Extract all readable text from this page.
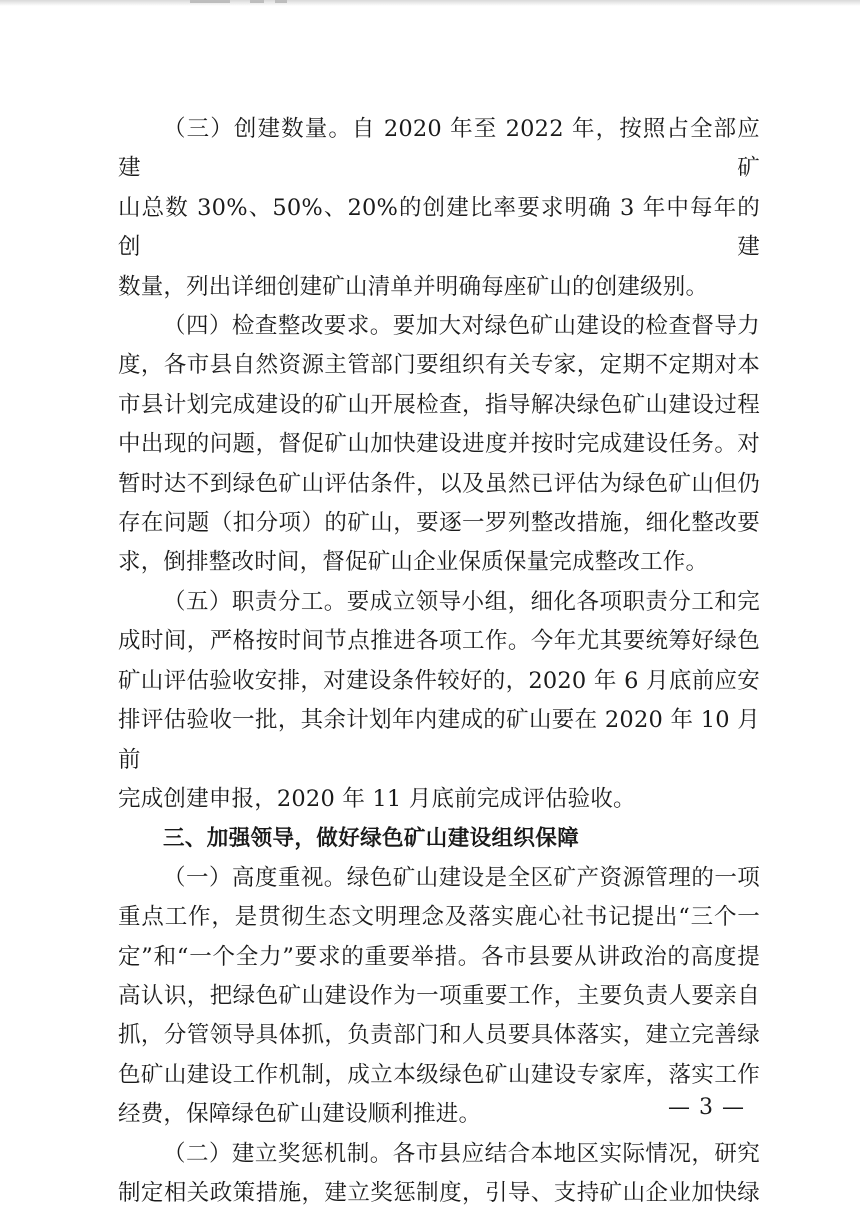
（三）创建数量。自 2020 年至 2022 年，按照占全部应建矿
山总数 30%、50%、20%的创建比率要求明确 3 年中每年的创建
数量，列出详细创建矿山清单并明确每座矿山的创建级别。

（四）检查整改要求。要加大对绿色矿山建设的检查督导力
度，各市县自然资源主管部门要组织有关专家，定期不定期对本
市县计划完成建设的矿山开展检查，指导解决绿色矿山建设过程
中出现的问题，督促矿山加快建设进度并按时完成建设任务。对
暂时达不到绿色矿山评估条件，以及虽然已评估为绿色矿山但仍
存在问题（扣分项）的矿山，要逐一罗列整改措施，细化整改要
求，倒排整改时间，督促矿山企业保质保量完成整改工作。

（五）职责分工。要成立领导小组，细化各项职责分工和完
成时间，严格按时间节点推进各项工作。今年尤其要统筹好绿色
矿山评估验收安排，对建设条件较好的，2020 年 6 月底前应安
排评估验收一批，其余计划年内建成的矿山要在 2020 年 10 月前
完成创建申报，2020 年 11 月底前完成评估验收。

三、加强领导，做好绿色矿山建设组织保障

（一）高度重视。绿色矿山建设是全区矿产资源管理的一项
重点工作，是贯彻生态文明理念及落实鹿心社书记提出“三个一
定”和“一个全力”要求的重要举措。各市县要从讲政治的高度提
高认识，把绿色矿山建设作为一项重要工作，主要负责人要亲自
抓，分管领导具体抓，负责部门和人员要具体落实，建立完善绿
色矿山建设工作机制，成立本级绿色矿山建设专家库，落实工作
经费，保障绿色矿山建设顺利推进。

（二）建立奖惩机制。各市县应结合本地区实际情况，研究
制定相关政策措施，建立奖惩制度，引导、支持矿山企业加快绿

— 3 —
